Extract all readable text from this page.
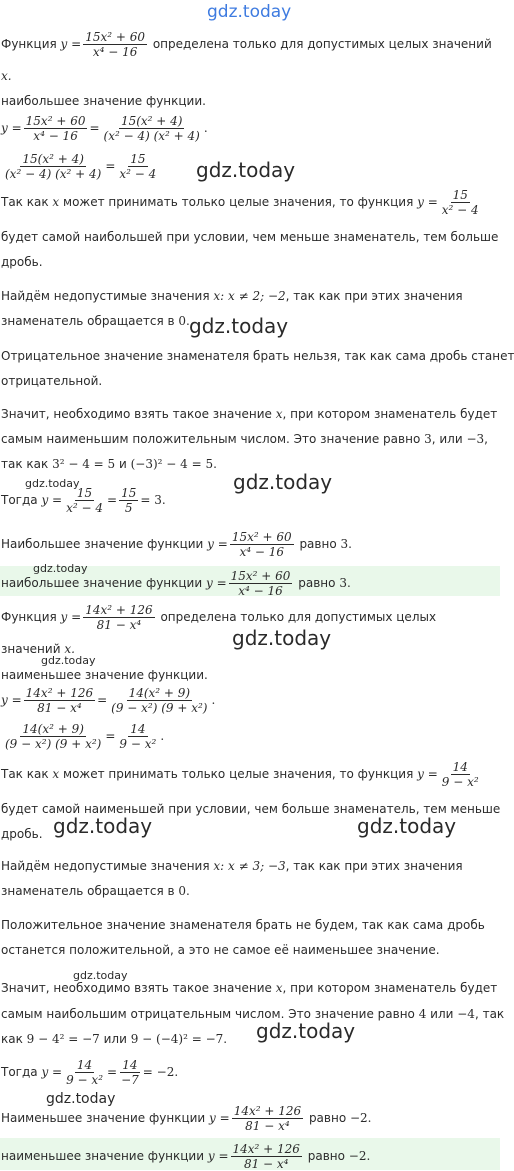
gdz.today
Функция $y = \frac{\text{15x² + 60}}{\text{x⁴ − 16}}$ определена только для допустимых целых значений
x.
наибольшее значение функции.
$y = \frac{\text{15x² + 60}}{\text{x⁴ − 16}} = \frac{\text{15(x² + 4)}}{\text{(x² − 4) (x² + 4)}}$ .
$\frac{\text{15(x² + 4)}}{\text{(x² − 4) (x² + 4)}} = \frac{15}{\text{x² − 4}}$ gdz.today
Так как x может принимать только целые значения, то функция $y = \frac{15}{\text{x² − 4}}$
будет самой наибольшей при условии, чем меньше знаменатель, тем больше
дробь.
Найдём недопустимые значения x: x ≠ 2; −2, так как при этих значения
знаменатель обращается в 0. gdz.today
Отрицательное значение знаменателя брать нельзя, так как сама дробь станет
отрицательной.
Значит, необходимо взять такое значение x, при котором знаменатель будет
самым наименьшим положительным числом. Это значение равно 3, или −3,
так как 3² − 4 = 5 и (−3)² − 4 = 5.
gdz.today	gdz.today
Тогда $y = \frac{15}{\text{x² − 4}} = \frac{15}{5} = 3$.
Наибольшее значение функции $y = \frac{\text{15x² + 60}}{\text{x⁴ − 16}}$ равно 3.
gdz.today
наибольшее значение функции $y = \frac{\text{15x² + 60}}{\text{x⁴ − 16}}$ равно 3.
Функция $y = \frac{\text{14x² + 126}}{\text{81 − x⁴}}$ определена только для допустимых целых
значений x.	gdz.today
gdz.today
наименьшее значение функции.
$y = \frac{\text{14x² + 126}}{\text{81 − x⁴}} = \frac{\text{14(x² + 9)}}{\text{(9 − x²) (9 + x²)}}$ .
$\frac{\text{14(x² + 9)}}{\text{(9 − x²) (9 + x²)}} = \frac{14}{\text{9 − x²}}$ .
Так как x может принимать только целые значения, то функция $y = \frac{14}{\text{9 − x²}}$
будет самой наименьшей при условии, чем больше знаменатель, тем меньше
дробь. gdz.today	gdz.today
Найдём недопустимые значения x: x ≠ 3; −3, так как при этих значения
знаменатель обращается в 0.
Положительное значение знаменателя брать не будем, так как сама дробь
останется положительной, а это не самое её наименьшее значение.
gdz.today
Значит, необходимо взять такое значение x, при котором знаменатель будет
самым наибольшим отрицательным числом. Это значение равно 4 или −4, так
как 9 − 4² = −7 или 9 − (−4)² = −7. gdz.today
Тогда $y = \frac{14}{\text{9 − x²}} = \frac{14}{-7} = -2$.
gdz.today
Наименьшее значение функции $y = \frac{\text{14x² + 126}}{\text{81 − x⁴}}$ равно −2.
наименьшее значение функции $y = \frac{\text{14x² + 126}}{\text{81 − x⁴}}$ равно −2.
